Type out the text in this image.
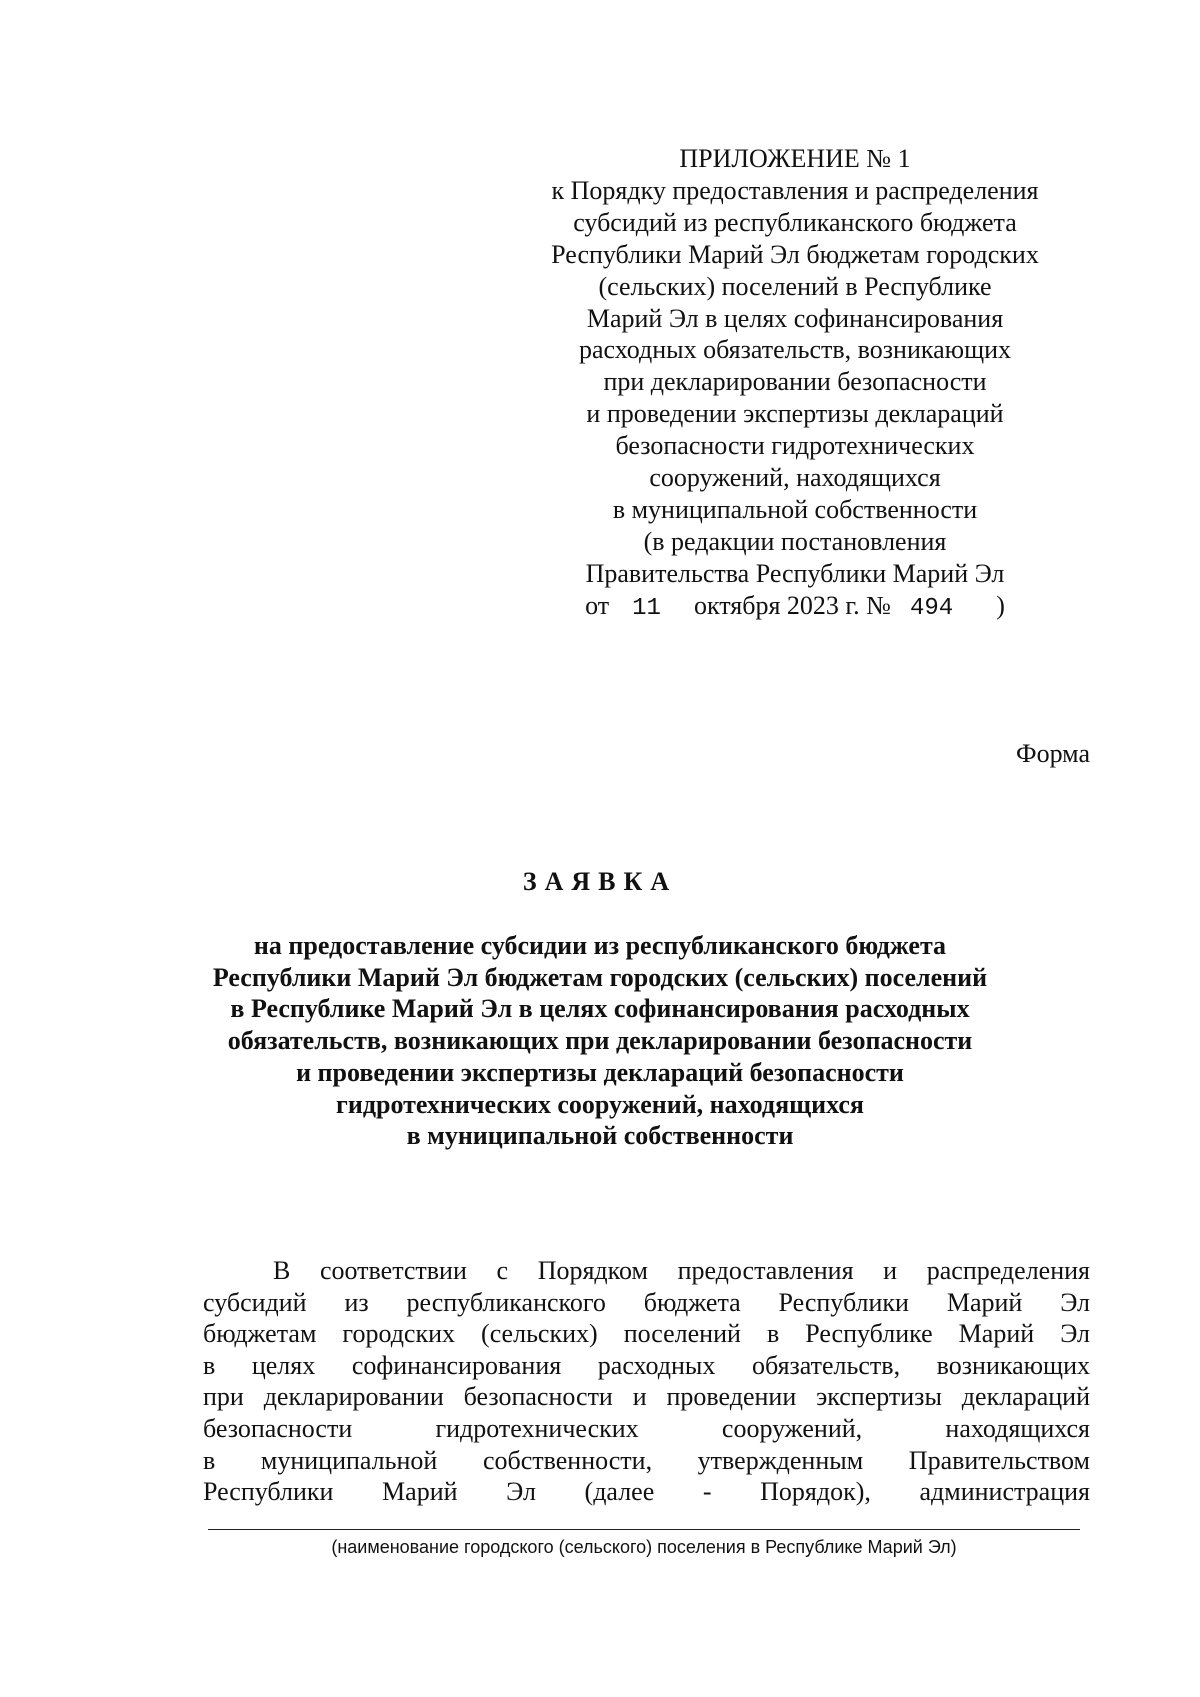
ПРИЛОЖЕНИЕ № 1
к Порядку предоставления и распределения
субсидий из республиканского бюджета
Республики Марий Эл бюджетам городских
(сельских) поселений в Республике
Марий Эл в целях софинансирования
расходных обязательств, возникающих
при декларировании безопасности
и проведении экспертизы деклараций
безопасности гидротехнических
сооружений, находящихся
в муниципальной собственности
(в редакции постановления
Правительства Республики Марий Эл
от 11 октября 2023 г. № 494 )
Форма
ЗАЯВКА
на предоставление субсидии из республиканского бюджета
Республики Марий Эл бюджетам городских (сельских) поселений
в Республике Марий Эл в целях софинансирования расходных
обязательств, возникающих при декларировании безопасности
и проведении экспертизы деклараций безопасности
гидротехнических сооружений, находящихся
в муниципальной собственности
В соответствии с Порядком предоставления и распределения
субсидий из республиканского бюджета Республики Марий Эл
бюджетам городских (сельских) поселений в Республике Марий Эл
в целях софинансирования расходных обязательств, возникающих
при декларировании безопасности и проведении экспертизы деклараций
безопасности гидротехнических сооружений, находящихся
в муниципальной собственности, утвержденным Правительством
Республики Марий Эл (далее - Порядок), администрация
(наименование городского (сельского) поселения в Республике Марий Эл)
